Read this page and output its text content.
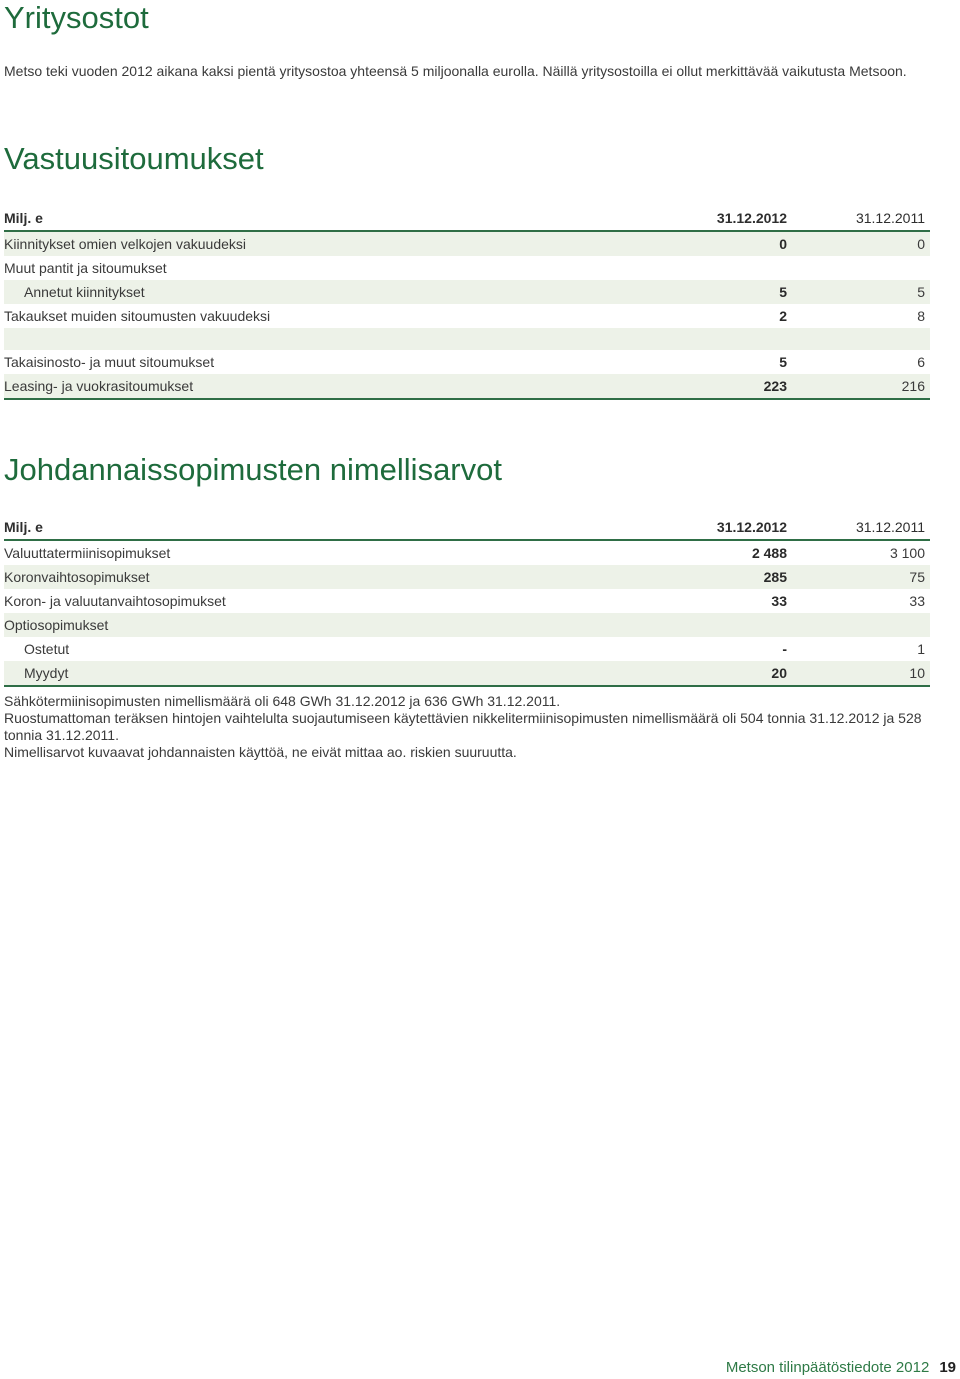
Yritysostot

Metso teki vuoden 2012 aikana kaksi pientä yritysostoa yhteensä 5 miljoonalla eurolla. Näillä yritysostoilla ei ollut merkittävää vaikutusta Metsoon.

Vastuusitoumukset
Milj. e	31.12.2012	31.12.2011
Kiinnitykset omien velkojen vakuudeksi	0	0
Muut pantit ja sitoumukset		
Annetut kiinnitykset	5	5
Takaukset muiden sitoumusten vakuudeksi	2	8

Takaisinosto- ja muut sitoumukset	5	6
Leasing- ja vuokrasitoumukset	223	216
Johdannaissopimusten nimellisarvot
Milj. e	31.12.2012	31.12.2011
Valuuttatermiinisopimukset	2 488	3 100
Koronvaihtosopimukset	285	75
Koron- ja valuutanvaihtosopimukset	33	33
Optiosopimukset		
Ostetut	-	1
Myydyt	20	10

Sähkötermiinisopimusten nimellismäärä oli 648 GWh 31.12.2012 ja 636 GWh 31.12.2011.

Ruostumattoman teräksen hintojen vaihtelulta suojautumiseen käytettävien nikkelitermiinisopimusten nimellismäärä oli 504 tonnia 31.12.2012 ja 528 tonnia 31.12.2011.

Nimellisarvot kuvaavat johdannaisten käyttöä, ne eivät mittaa ao. riskien suuruutta.

Metson tilinpäätöstiedote 2012 19
